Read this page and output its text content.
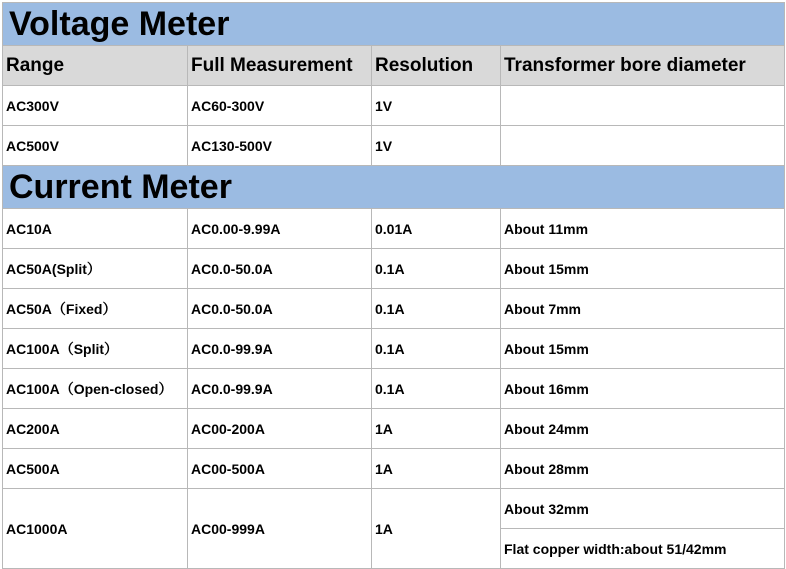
Voltage Meter			
Range	Full Measurement	Resolution	Transformer bore diameter
AC300V	AC60-300V	1V	
AC500V	AC130-500V	1V	
Current Meter			
AC10A	AC0.00-9.99A	0.01A	About 11mm
AC50A(Split）	AC0.0-50.0A	0.1A	About 15mm
AC50A（Fixed）	AC0.0-50.0A	0.1A	About 7mm
AC100A（Split）	AC0.0-99.9A	0.1A	About 15mm
AC100A（Open-closed）	AC0.0-99.9A	0.1A	About 16mm
AC200A	AC00-200A	1A	About 24mm
AC500A	AC00-500A	1A	About 28mm
AC1000A	AC00-999A	1A	About 32mm
			Flat copper width:about 51/42mm
